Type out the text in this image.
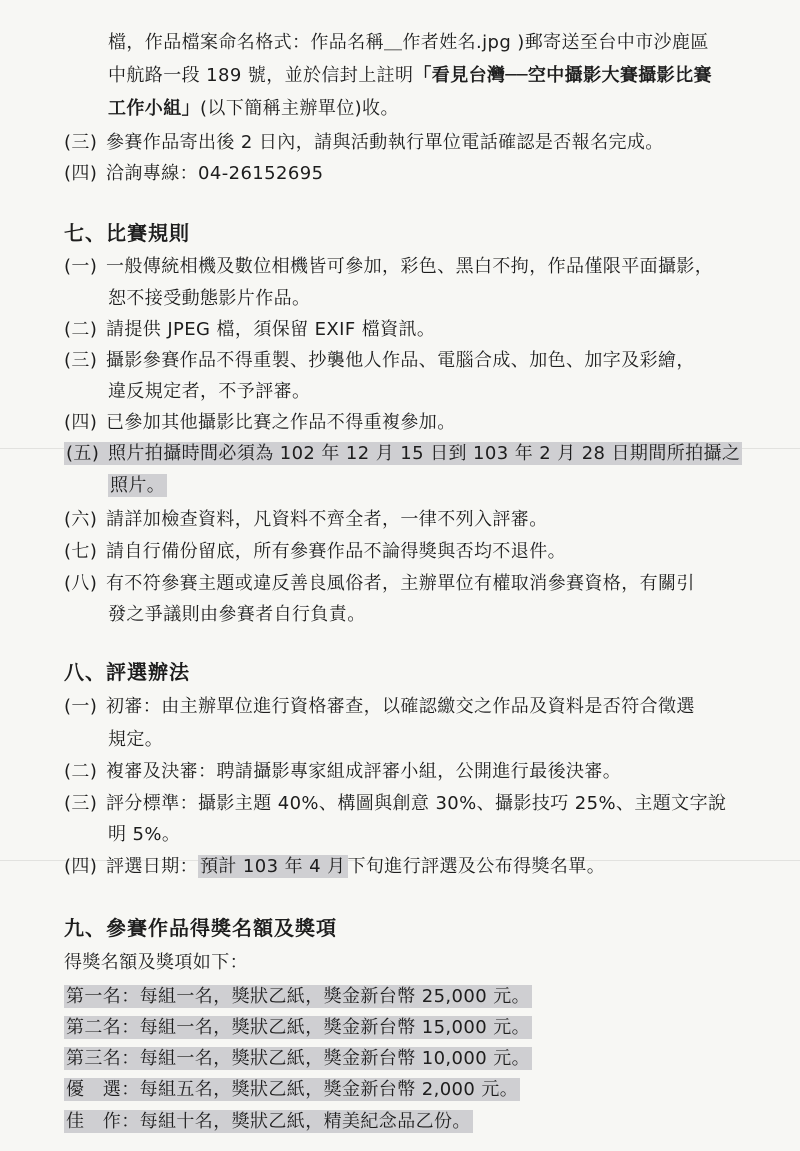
檔，作品檔案命名格式：作品名稱＿作者姓名.jpg )郵寄送至台中市沙鹿區
中航路一段 189 號，並於信封上註明「看見台灣──空中攝影大賽攝影比賽
工作小組」(以下簡稱主辦單位)收。
(三) 參賽作品寄出後 2 日內，請與活動執行單位電話確認是否報名完成。
(四) 洽詢專線：04-26152695
七、比賽規則
(一) 一般傳統相機及數位相機皆可參加，彩色、黑白不拘，作品僅限平面攝影，
恕不接受動態影片作品。
(二) 請提供 JPEG 檔，須保留 EXIF 檔資訊。
(三) 攝影參賽作品不得重製、抄襲他人作品、電腦合成、加色、加字及彩繪，
違反規定者，不予評審。
(四) 已參加其他攝影比賽之作品不得重複參加。
(五) 照片拍攝時間必須為 102 年 12 月 15 日到 103 年 2 月 28 日期間所拍攝之
照片。
(六) 請詳加檢查資料，凡資料不齊全者，一律不列入評審。
(七) 請自行備份留底，所有參賽作品不論得獎與否均不退件。
(八) 有不符參賽主題或違反善良風俗者，主辦單位有權取消參賽資格，有關引
發之爭議則由參賽者自行負責。
八、評選辦法
(一) 初審：由主辦單位進行資格審查，以確認繳交之作品及資料是否符合徵選
規定。
(二) 複審及決審：聘請攝影專家組成評審小組，公開進行最後決審。
(三) 評分標準：攝影主題 40%、構圖與創意 30%、攝影技巧 25%、主題文字說
明 5%。
(四) 評選日期： 預計 103 年 4 月 下旬進行評選及公布得獎名單。
九、參賽作品得獎名額及獎項
得獎名額及獎項如下：
第一名：每組一名，獎狀乙紙，獎金新台幣 25,000 元。
第二名：每組一名，獎狀乙紙，獎金新台幣 15,000 元。
第三名：每組一名，獎狀乙紙，獎金新台幣 10,000 元。
優　選：每組五名，獎狀乙紙，獎金新台幣 2,000 元。
佳　作：每組十名，獎狀乙紙，精美紀念品乙份。
